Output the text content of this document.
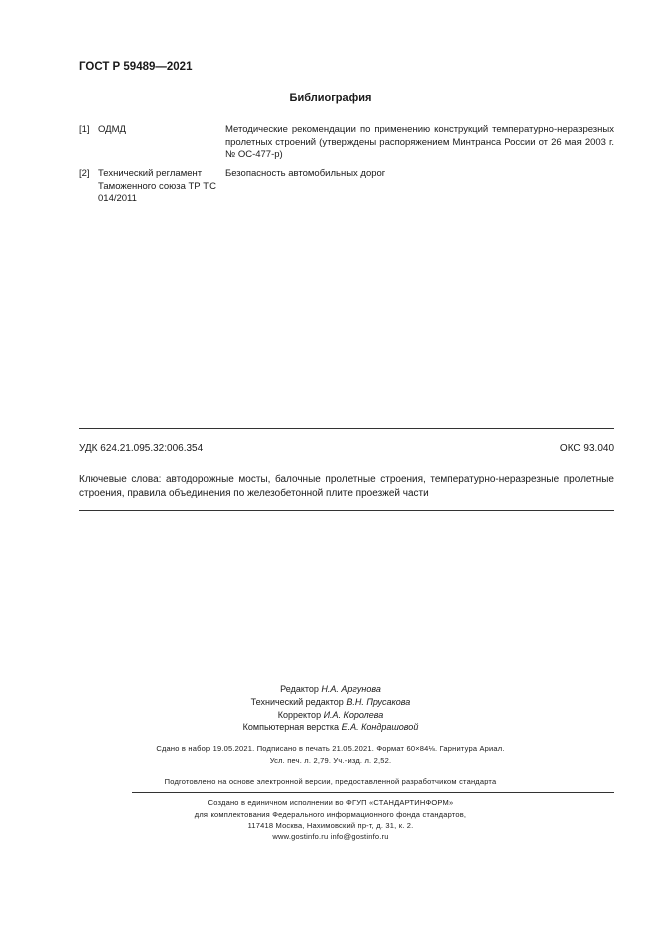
ГОСТ Р 59489—2021
Библиография
[1] ОДМД	Методические рекомендации по применению конструкций температурно-неразрезных пролетных строений (утверждены распоряжением Минтранса России от 26 мая 2003 г. № ОС-477-р)
[2] Технический регламент Таможенного союза ТР ТС 014/2011
Безопасность автомобильных дорог
УДК 624.21.095.32:006.354	ОКС 93.040
Ключевые слова: автодорожные мосты, балочные пролетные строения, температурно-неразрезные пролетные строения, правила объединения по железобетонной плите проезжей части
Редактор Н.А. Аргунова
Технический редактор В.Н. Прусакова
Корректор И.А. Королева
Компьютерная верстка Е.А. Кондрашовой
Сдано в набор 19.05.2021. Подписано в печать 21.05.2021. Формат 60×84⅛. Гарнитура Ариал.
Усл. печ. л. 2,79. Уч.-изд. л. 2,52.
Подготовлено на основе электронной версии, предоставленной разработчиком стандарта
Создано в единичном исполнении во ФГУП «СТАНДАРТИНФОРМ»
для комплектования Федерального информационного фонда стандартов,
117418 Москва, Нахимовский пр-т, д. 31, к. 2.
www.gostinfo.ru info@gostinfo.ru
